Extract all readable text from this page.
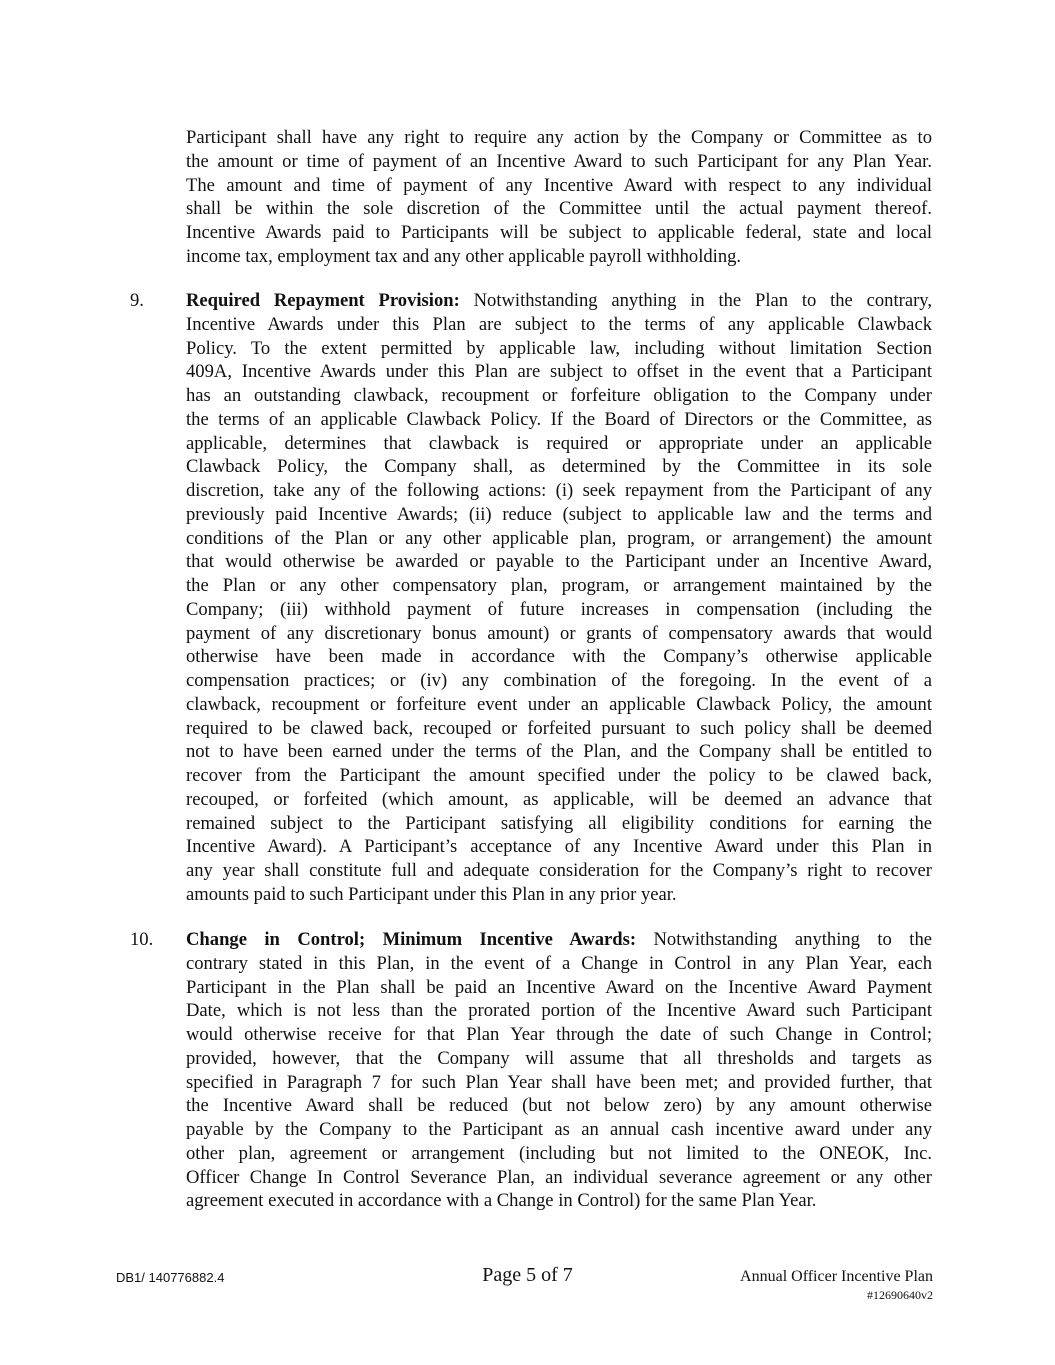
Participant shall have any right to require any action by the Company or Committee as to
the amount or time of payment of an Incentive Award to such Participant for any Plan Year.
The amount and time of payment of any Incentive Award with respect to any individual
shall be within the sole discretion of the Committee until the actual payment thereof.
Incentive Awards paid to Participants will be subject to applicable federal, state and local
income tax, employment tax and any other applicable payroll withholding.
9. Required Repayment Provision: Notwithstanding anything in the Plan to the contrary,
Incentive Awards under this Plan are subject to the terms of any applicable Clawback
Policy. To the extent permitted by applicable law, including without limitation Section
409A, Incentive Awards under this Plan are subject to offset in the event that a Participant
has an outstanding clawback, recoupment or forfeiture obligation to the Company under
the terms of an applicable Clawback Policy. If the Board of Directors or the Committee, as
applicable, determines that clawback is required or appropriate under an applicable
Clawback Policy, the Company shall, as determined by the Committee in its sole
discretion, take any of the following actions: (i) seek repayment from the Participant of any
previously paid Incentive Awards; (ii) reduce (subject to applicable law and the terms and
conditions of the Plan or any other applicable plan, program, or arrangement) the amount
that would otherwise be awarded or payable to the Participant under an Incentive Award,
the Plan or any other compensatory plan, program, or arrangement maintained by the
Company; (iii) withhold payment of future increases in compensation (including the
payment of any discretionary bonus amount) or grants of compensatory awards that would
otherwise have been made in accordance with the Company’s otherwise applicable
compensation practices; or (iv) any combination of the foregoing. In the event of a
clawback, recoupment or forfeiture event under an applicable Clawback Policy, the amount
required to be clawed back, recouped or forfeited pursuant to such policy shall be deemed
not to have been earned under the terms of the Plan, and the Company shall be entitled to
recover from the Participant the amount specified under the policy to be clawed back,
recouped, or forfeited (which amount, as applicable, will be deemed an advance that
remained subject to the Participant satisfying all eligibility conditions for earning the
Incentive Award). A Participant’s acceptance of any Incentive Award under this Plan in
any year shall constitute full and adequate consideration for the Company’s right to recover
amounts paid to such Participant under this Plan in any prior year.
10. Change in Control; Minimum Incentive Awards: Notwithstanding anything to the
contrary stated in this Plan, in the event of a Change in Control in any Plan Year, each
Participant in the Plan shall be paid an Incentive Award on the Incentive Award Payment
Date, which is not less than the prorated portion of the Incentive Award such Participant
would otherwise receive for that Plan Year through the date of such Change in Control;
provided, however, that the Company will assume that all thresholds and targets as
specified in Paragraph 7 for such Plan Year shall have been met; and provided further, that
the Incentive Award shall be reduced (but not below zero) by any amount otherwise
payable by the Company to the Participant as an annual cash incentive award under any
other plan, agreement or arrangement (including but not limited to the ONEOK, Inc.
Officer Change In Control Severance Plan, an individual severance agreement or any other
agreement executed in accordance with a Change in Control) for the same Plan Year.
DB1/ 140776882.4	Page 5 of 7	Annual Officer Incentive Plan
#12690640v2
